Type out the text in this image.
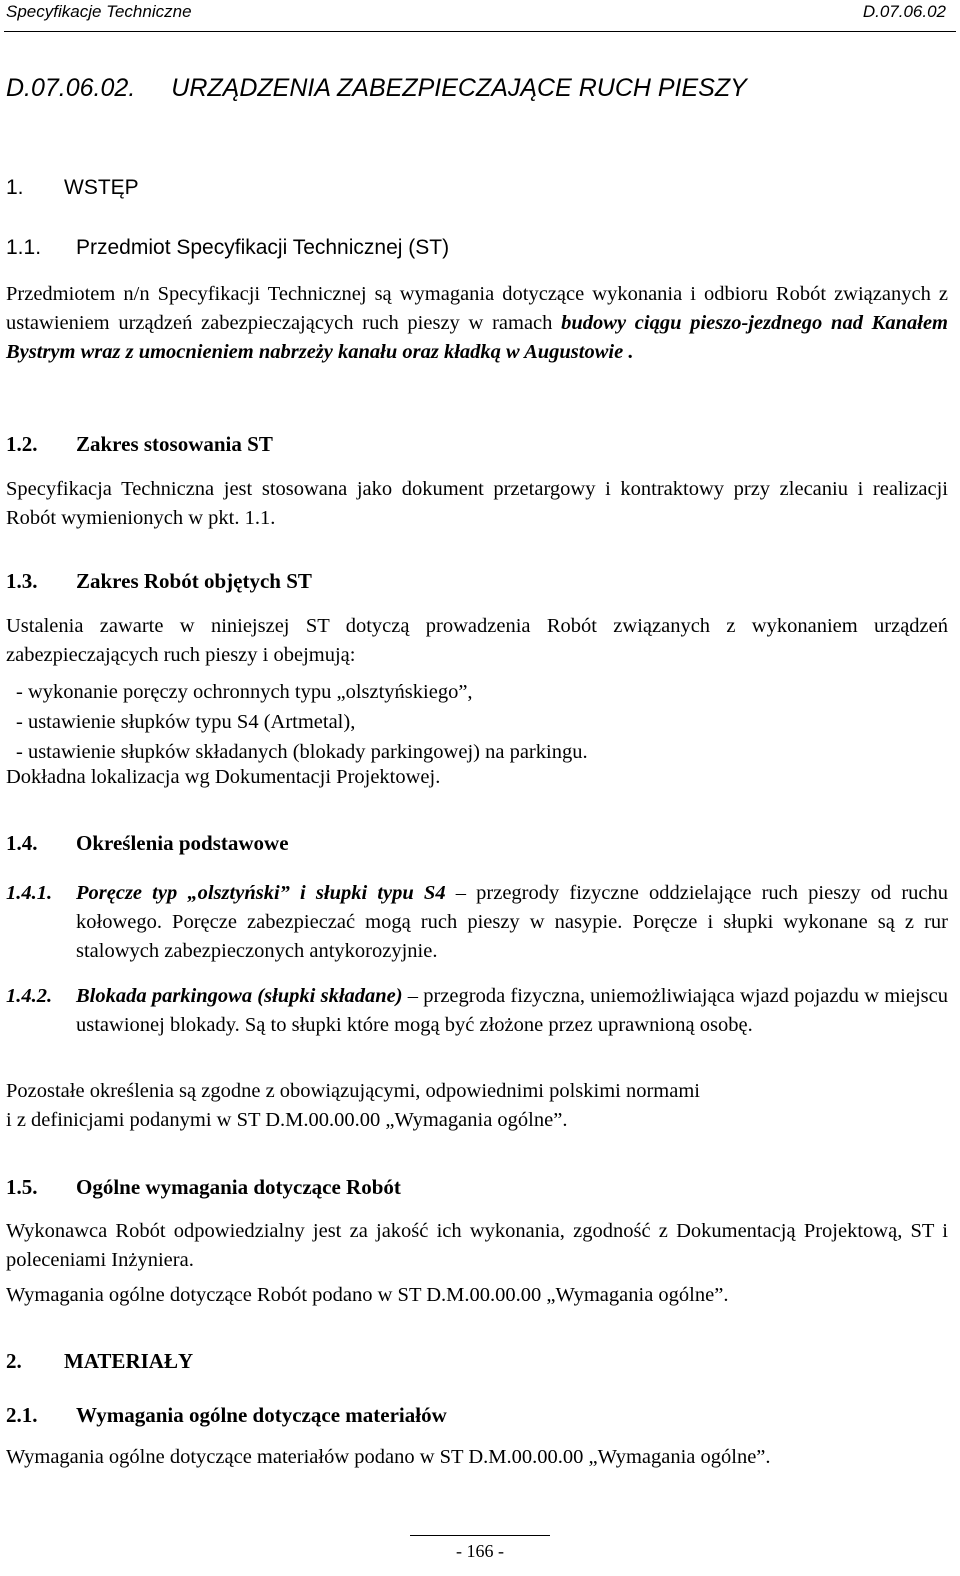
Specyfikacje Techniczne	D.07.06.02
D.07.06.02. URZĄDZENIA ZABEZPIECZAJĄCE RUCH PIESZY
1. WSTĘP
1.1. Przedmiot Specyfikacji Technicznej (ST)
Przedmiotem n/n Specyfikacji Technicznej są wymagania dotyczące wykonania i odbioru Robót związanych z ustawieniem urządzeń zabezpieczających ruch pieszy w ramach budowy ciągu pieszo-jezdnego nad Kanałem Bystrym wraz z umocnieniem nabrzeży kanału oraz kładką w Augustowie .
1.2. Zakres stosowania ST
Specyfikacja Techniczna jest stosowana jako dokument przetargowy i kontraktowy przy zlecaniu i realizacji Robót wymienionych w pkt. 1.1.
1.3. Zakres Robót objętych ST
Ustalenia zawarte w niniejszej ST dotyczą prowadzenia Robót związanych z wykonaniem urządzeń zabezpieczających ruch pieszy i obejmują:
- wykonanie poręczy ochronnych typu „olsztyńskiego”,
- ustawienie słupków typu S4 (Artmetal),
- ustawienie słupków składanych (blokady parkingowej) na parkingu.
Dokładna lokalizacja wg Dokumentacji Projektowej.
1.4. Określenia podstawowe
1.4.1. Poręcze typ „olsztyński” i słupki typu S4 – przegrody fizyczne oddzielające ruch pieszy od ruchu kołowego. Poręcze zabezpieczać mogą ruch pieszy w nasypie. Poręcze i słupki wykonane są z rur stalowych zabezpieczonych antykorozyjnie.
1.4.2. Blokada parkingowa (słupki składane) – przegroda fizyczna, uniemożliwiająca wjazd pojazdu w miejscu ustawionej blokady. Są to słupki które mogą być złożone przez uprawnioną osobę.
Pozostałe określenia są zgodne z obowiązującymi, odpowiednimi polskimi normami
i z definicjami podanymi w ST D.M.00.00.00 „Wymagania ogólne”.
1.5. Ogólne wymagania dotyczące Robót
Wykonawca Robót odpowiedzialny jest za jakość ich wykonania, zgodność z Dokumentacją Projektową, ST i poleceniami Inżyniera.
Wymagania ogólne dotyczące Robót podano w ST D.M.00.00.00 „Wymagania ogólne”.
2. MATERIAŁY
2.1. Wymagania ogólne dotyczące materiałów
Wymagania ogólne dotyczące materiałów podano w ST D.M.00.00.00 „Wymagania ogólne”.
- 166 -
